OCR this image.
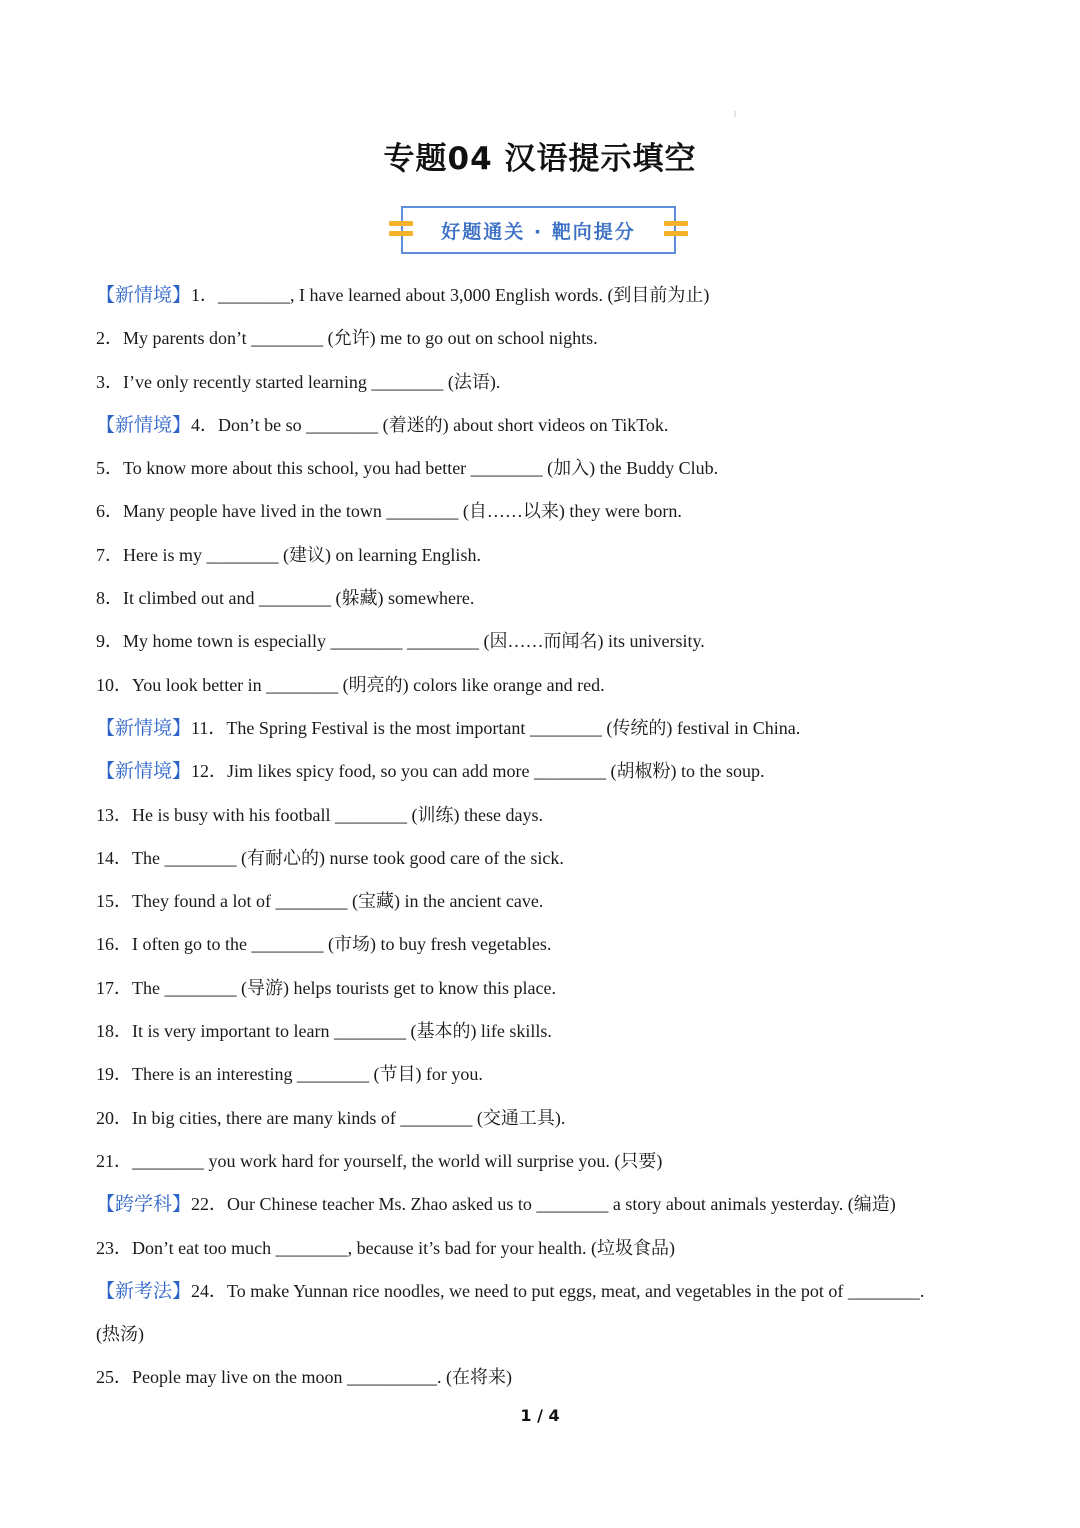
l
专题04 汉语提示填空
好题通关 · 靶向提分
【新情境】1．________, I have learned about 3,000 English words. (到目前为止)
2．My parents don’t ________ (允许) me to go out on school nights.
3．I’ve only recently started learning ________ (法语).
【新情境】4．Don’t be so ________ (着迷的) about short videos on TikTok.
5．To know more about this school, you had better ________ (加入) the Buddy Club.
6．Many people have lived in the town ________ (自……以来) they were born.
7．Here is my ________ (建议) on learning English.
8．It climbed out and ________ (躲藏) somewhere.
9．My home town is especially ________ ________ (因……而闻名) its university.
10．You look better in ________ (明亮的) colors like orange and red.
【新情境】11．The Spring Festival is the most important ________ (传统的) festival in China.
【新情境】12．Jim likes spicy food, so you can add more ________ (胡椒粉) to the soup.
13．He is busy with his football ________ (训练) these days.
14．The ________ (有耐心的) nurse took good care of the sick.
15．They found a lot of ________ (宝藏) in the ancient cave.
16．I often go to the ________ (市场) to buy fresh vegetables.
17．The ________ (导游) helps tourists get to know this place.
18．It is very important to learn ________ (基本的) life skills.
19．There is an interesting ________ (节目) for you.
20．In big cities, there are many kinds of ________ (交通工具).
21．________ you work hard for yourself, the world will surprise you. (只要)
【跨学科】22．Our Chinese teacher Ms. Zhao asked us to ________ a story about animals yesterday. (编造)
23．Don’t eat too much ________, because it’s bad for your health. (垃圾食品)
【新考法】24．To make Yunnan rice noodles, we need to put eggs, meat, and vegetables in the pot of ________.
(热汤)
25．People may live on the moon __________. (在将来)
1 / 4
